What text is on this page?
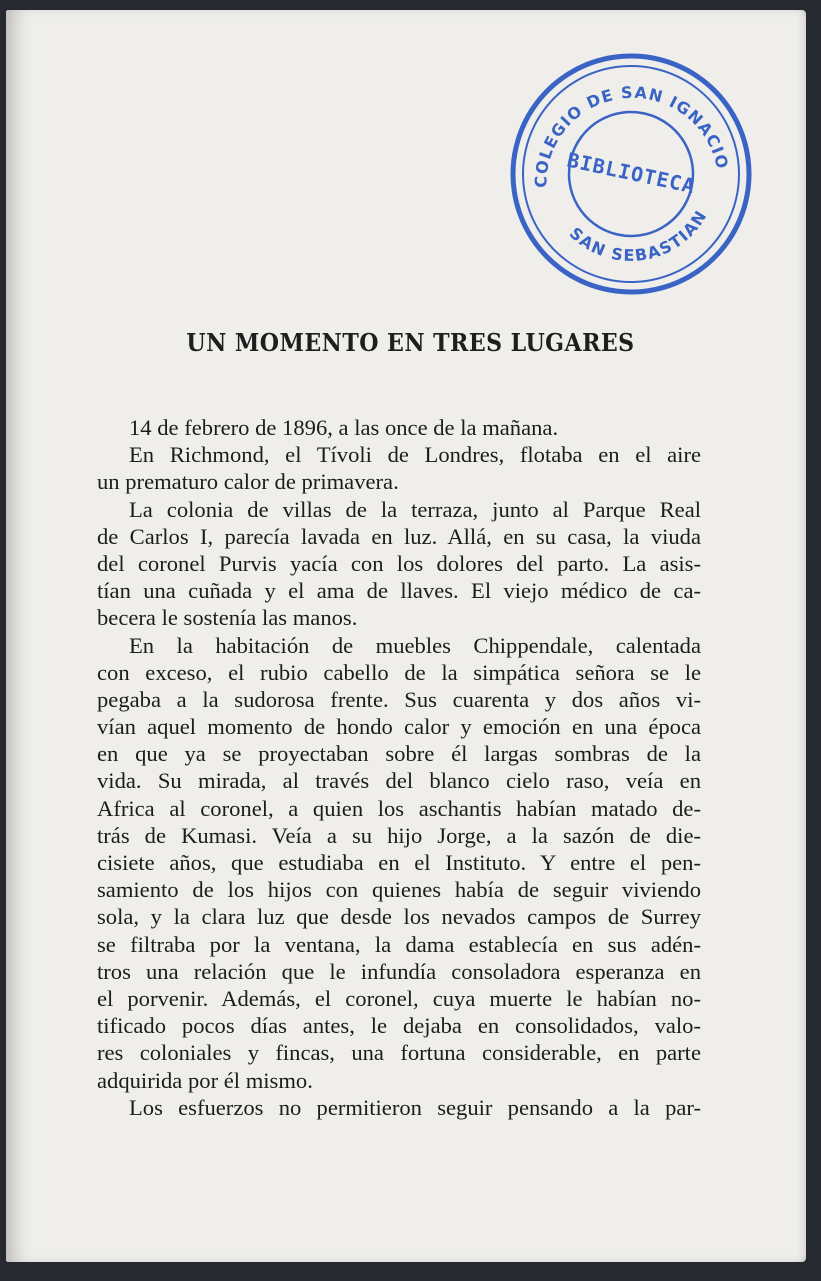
COLEGIO DE SAN IGNACIO
SAN SEBASTIAN
BIBLIOTECA
UN MOMENTO EN TRES LUGARES
14 de febrero de 1896, a las once de la mañana.
En Richmond, el Tívoli de Londres, flotaba en el aire
un prematuro calor de primavera.
La colonia de villas de la terraza, junto al Parque Real
de Carlos I, parecía lavada en luz. Allá, en su casa, la viuda
del coronel Purvis yacía con los dolores del parto. La asis-
tían una cuñada y el ama de llaves. El viejo médico de ca-
becera le sostenía las manos.
En la habitación de muebles Chippendale, calentada
con exceso, el rubio cabello de la simpática señora se le
pegaba a la sudorosa frente. Sus cuarenta y dos años vi-
vían aquel momento de hondo calor y emoción en una época
en que ya se proyectaban sobre él largas sombras de la
vida. Su mirada, al través del blanco cielo raso, veía en
Africa al coronel, a quien los aschantis habían matado de-
trás de Kumasi. Veía a su hijo Jorge, a la sazón de die-
cisiete años, que estudiaba en el Instituto. Y entre el pen-
samiento de los hijos con quienes había de seguir viviendo
sola, y la clara luz que desde los nevados campos de Surrey
se filtraba por la ventana, la dama establecía en sus adén-
tros una relación que le infundía consoladora esperanza en
el porvenir. Además, el coronel, cuya muerte le habían no-
tificado pocos días antes, le dejaba en consolidados, valo-
res coloniales y fincas, una fortuna considerable, en parte
adquirida por él mismo.
Los esfuerzos no permitieron seguir pensando a la par-
